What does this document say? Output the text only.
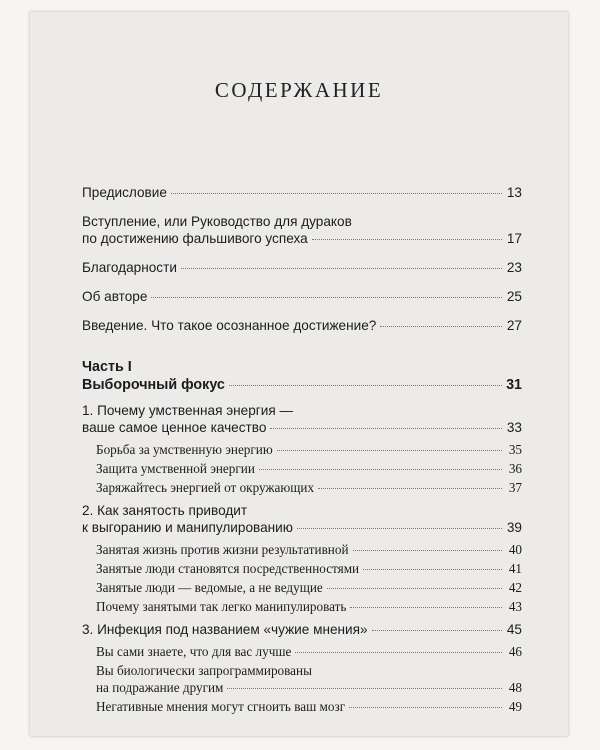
СОДЕРЖАНИЕ
Предисловие	13
Вступление, или Руководство для дураков
по достижению фальшивого успеха	17
Благодарности	23
Об авторе	25
Введение. Что такое осознанное достижение?	27
Часть I
Выборочный фокус	31
1. Почему умственная энергия —
ваше самое ценное качество	33
Борьба за умственную энергию	35
Защита умственной энергии	36
Заряжайтесь энергией от окружающих	37
2. Как занятость приводит
к выгоранию и манипулированию	39
Занятая жизнь против жизни результативной	40
Занятые люди становятся посредственностями	41
Занятые люди — ведомые, а не ведущие	42
Почему занятыми так легко манипулировать	43
3. Инфекция под названием «чужие мнения»	45
Вы сами знаете, что для вас лучше	46
Вы биологически запрограммированы
на подражание другим	48
Негативные мнения могут сгноить ваш мозг	49
